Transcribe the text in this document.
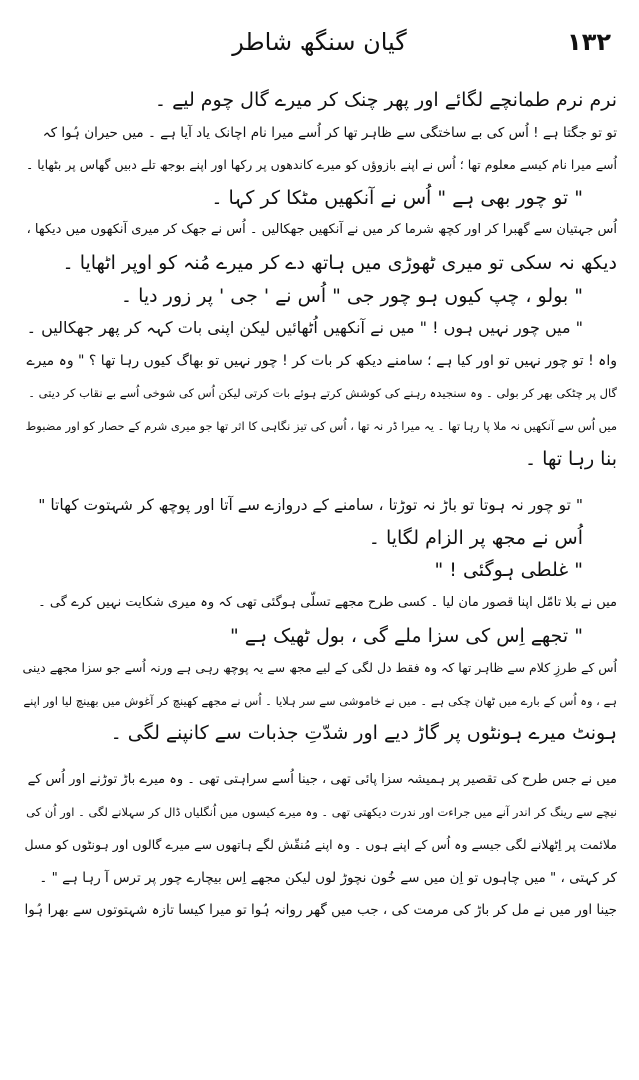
۱۳۲
گیان سنگھ شاطر

نرم نرم طمانچے لگائے اور پھر چنک کر میرے گال چوم لیے ۔

تو تو جگتا ہے ! اُس کی بے ساختگی سے ظاہر تھا کر اُسے میرا نام اچانک یاد آیا ہے ۔ میں حیران ہُوا کہ

اُسے میرا نام کیسے معلوم تھا ؛ اُس نے اپنے بازوؤں کو میرے کاندھوں پر رکھا اور اپنے بوجھ تلے دبیں گھاس پر بٹھایا ۔

" تو چور بھی ہے " اُس نے آنکھیں مٹکا کر کہا ۔

اُس جہتیان سے گھبرا کر اور کچھ شرما کر میں نے آنکھیں جھکالیں ۔ اُس نے جھک کر میری آنکھوں میں دیکھا ،

دیکھ نہ سکی تو میری ٹھوڑی میں ہاتھ دے کر میرے مُنہ کو اوپر اٹھایا ۔

" بولو ، چپ کیوں ہو چور جی " اُس نے ' جی ' پر زور دیا ۔

" میں چور نہیں ہوں ! " میں نے آنکھیں اُٹھائیں لیکن اپنی بات کہہ کر پھر جھکالیں ۔

واہ ! تو چور نہیں تو اور کیا ہے ؛ سامنے دیکھ کر بات کر ! چور نہیں تو بھاگ کیوں رہا تھا ؟ " وہ میرے

گال پر چٹکی بھر کر بولی ۔ وہ سنجیدہ رہنے کی کوشش کرتے ہوئے بات کرتی لیکن اُس کی شوخی اُسے بے نقاب کر دیتی ۔

میں اُس سے آنکھیں نہ ملا پا رہا تھا ۔ یہ میرا ڈر نہ تھا ، اُس کی تیز نگاہی کا اثر تھا جو میری شرم کے حصار کو اور مضبوط

بنا رہا تھا ۔

" تو چور نہ ہوتا تو باڑ نہ توڑتا ، سامنے کے دروازے سے آتا اور پوچھ کر شہتوت کھاتا "

اُس نے مجھ پر الزام لگایا ۔

" غلطی ہوگئی ! "

میں نے بلا تامّل اپنا قصور مان لیا ۔ کسی طرح مجھے تسلّی ہوگئی تھی کہ وہ میری شکایت نہیں کرے گی ۔

" تجھے اِس کی سزا ملے گی ، بول ٹھیک ہے "

اُس کے طرزِ کلام سے ظاہر تھا کہ وہ فقط دل لگی کے لیے مجھ سے یہ پوچھ رہی ہے ورنہ اُسے جو سزا مجھے دینی

ہے ، وہ اُس کے بارے میں ٹھان چکی ہے ۔ میں نے خاموشی سے سر ہلایا ۔ اُس نے مجھے کھینچ کر آغوش میں بھینچ لیا اور اپنے

ہونٹ میرے ہونٹوں پر گاڑ دیے اور شدّتِ جذبات سے کانپنے لگی ۔

میں نے جس طرح کی تقصیر پر ہمیشہ سزا پائی تھی ، جینا اُسے سراہتی تھی ۔ وہ میرے باڑ توڑنے اور اُس کے

نیچے سے رینگ کر اندر آنے میں جراءت اور ندرت دیکھتی تھی ۔ وہ میرے کیسوں میں اُنگلیاں ڈال کر سہلانے لگی ۔ اور اُن کی

ملائمت پر اِٹھلانے لگی جیسے وہ اُس کے اپنے ہوں ۔ وہ اپنے مُنقّش لگے ہاتھوں سے میرے گالوں اور ہونٹوں کو مسل

کر کہتی ، " میں چاہوں تو اِن میں سے خُون نچوڑ لوں لیکن مجھے اِس بیچارے چور پر ترس آ رہا ہے " ۔

جینا اور میں نے مل کر باڑ کی مرمت کی ، جب میں گھر روانہ ہُوا تو میرا کیسا تازہ شہتوتوں سے بھرا ہُوا
